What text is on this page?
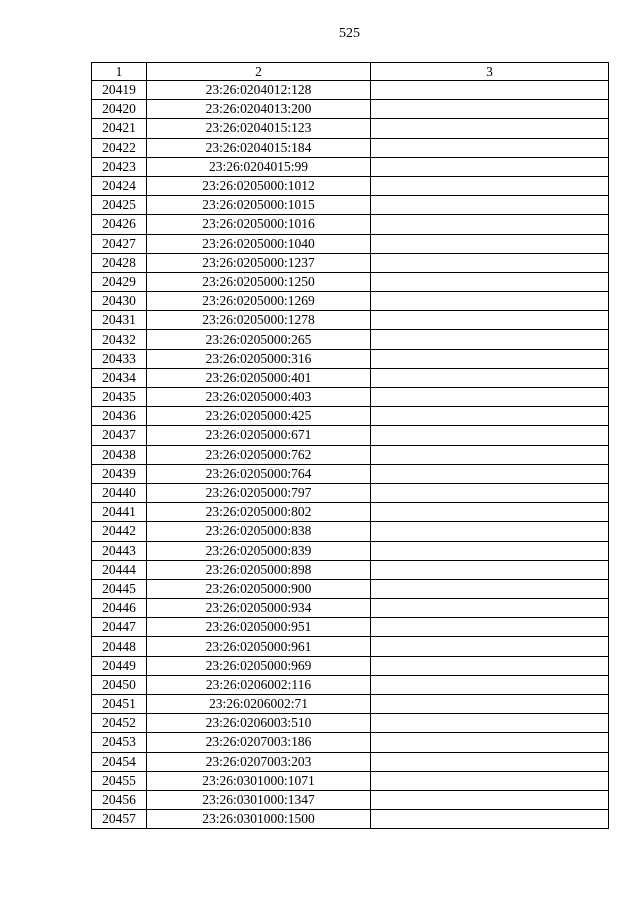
525
1	2	3
20419	23:26:0204012:128	
20420	23:26:0204013:200	
20421	23:26:0204015:123	
20422	23:26:0204015:184	
20423	23:26:0204015:99	
20424	23:26:0205000:1012	
20425	23:26:0205000:1015	
20426	23:26:0205000:1016	
20427	23:26:0205000:1040	
20428	23:26:0205000:1237	
20429	23:26:0205000:1250	
20430	23:26:0205000:1269	
20431	23:26:0205000:1278	
20432	23:26:0205000:265	
20433	23:26:0205000:316	
20434	23:26:0205000:401	
20435	23:26:0205000:403	
20436	23:26:0205000:425	
20437	23:26:0205000:671	
20438	23:26:0205000:762	
20439	23:26:0205000:764	
20440	23:26:0205000:797	
20441	23:26:0205000:802	
20442	23:26:0205000:838	
20443	23:26:0205000:839	
20444	23:26:0205000:898	
20445	23:26:0205000:900	
20446	23:26:0205000:934	
20447	23:26:0205000:951	
20448	23:26:0205000:961	
20449	23:26:0205000:969	
20450	23:26:0206002:116	
20451	23:26:0206002:71	
20452	23:26:0206003:510	
20453	23:26:0207003:186	
20454	23:26:0207003:203	
20455	23:26:0301000:1071	
20456	23:26:0301000:1347	
20457	23:26:0301000:1500	
